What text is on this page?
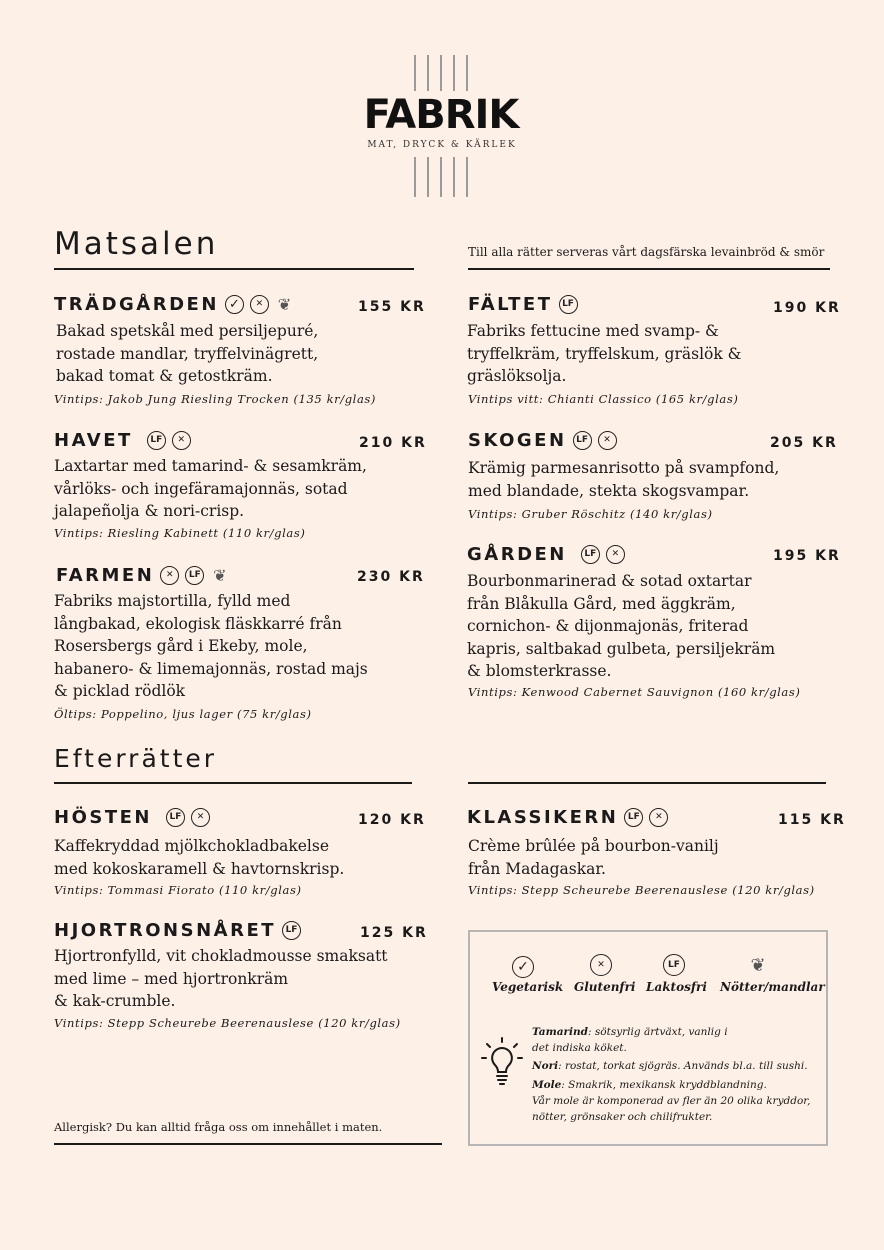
FABRIK
MAT, DRYCK & KÄRLEK
Matsalen	Till alla rätter serveras vårt dagsfärska levainbröd & smör
TRÄDGÅRDEN ✓	✕ ❦	155 KR
Bakad spetskål med persiljepuré,
rostade mandlar, tryffelvinägrett,
bakad tomat & getostkräm.
Vintips: Jakob Jung Riesling Trocken (135 kr/glas)
HAVET	LF	✕	210 KR
Laxtartar med tamarind- & sesamkräm,
vårlöks- och ingefäramajonnäs, sotad
jalapeñolja & nori-crisp.
Vintips: Riesling Kabinett (110 kr/glas)
FARMEN	✕	LF ❦	230 KR
Fabriks majstortilla, fylld med
långbakad, ekologisk fläskkarré från
Rosersbergs gård i Ekeby, mole,
habanero- & limemajonnäs, rostad majs
& picklad rödlök
Öltips: Poppelino, ljus lager (75 kr/glas)
FÄLTET	LF	190 KR
Fabriks fettucine med svamp- &
tryffelkräm, tryffelskum, gräslök &
gräslöksolja.
Vintips vitt: Chianti Classico (165 kr/glas)
SKOGEN	LF	✕	205 KR
Krämig parmesanrisotto på svampfond,
med blandade, stekta skogsvampar.
Vintips: Gruber Röschitz (140 kr/glas)
GÅRDEN	LF	✕	195 KR
Bourbonmarinerad & sotad oxtartar
från Blåkulla Gård, med äggkräm,
cornichon- & dijonmajonäs, friterad
kapris, saltbakad gulbeta, persiljekräm
& blomsterkrasse.
Vintips: Kenwood Cabernet Sauvignon (160 kr/glas)
Efterrätter
HÖSTEN	LF	✕	120 KR
Kaffekryddad mjölkchokladbakelse
med kokoskaramell & havtornskrisp.
Vintips: Tommasi Fiorato (110 kr/glas)
HJORTRONSNÅRET	LF	125 KR
Hjortronfylld, vit chokladmousse smaksatt
med lime – med hjortronkräm
& kak-crumble.
Vintips: Stepp Scheurebe Beerenauslese (120 kr/glas)
KLASSIKERN	LF	✕	115 KR
Crème brûlée på bourbon-vanilj
från Madagaskar.
Vintips: Stepp Scheurebe Beerenauslese (120 kr/glas)
Allergisk? Du kan alltid fråga oss om innehållet i maten.
✓	✕	LF	❦
Vegetarisk Glutenfri Laktosfri Nötter/mandlar
Tamarind: sötsyrlig ärtväxt, vanlig i
det indiska köket.
Nori: rostat, torkat sjögräs. Används bl.a. till sushi.
Mole: Smakrik, mexikansk kryddblandning.
Vår mole är komponerad av fler än 20 olika kryddor,
nötter, grönsaker och chilifrukter.
